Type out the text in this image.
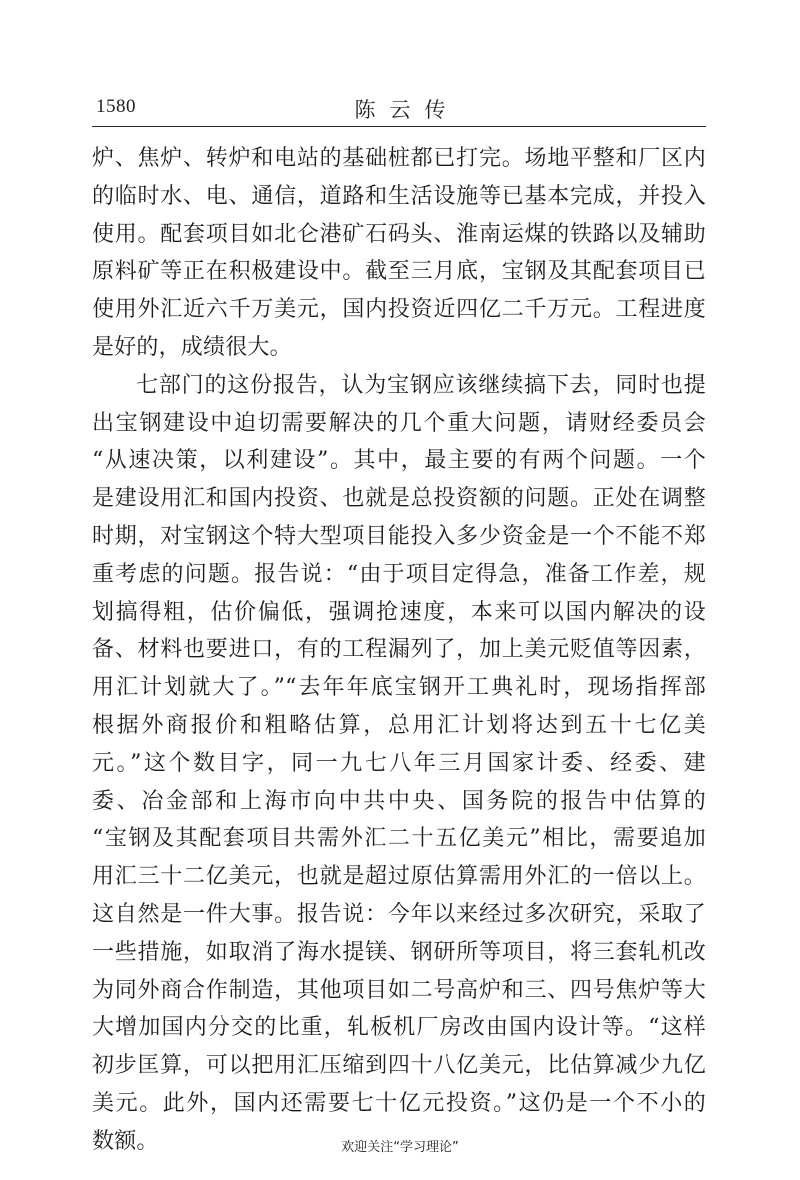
1580	陈云传
炉、焦炉、转炉和电站的基础桩都已打完。场地平整和厂区内
的临时水、电、通信，道路和生活设施等已基本完成，并投入
使用。配套项目如北仑港矿石码头、淮南运煤的铁路以及辅助
原料矿等正在积极建设中。截至三月底，宝钢及其配套项目已
使用外汇近六千万美元，国内投资近四亿二千万元。工程进度
是好的，成绩很大。
七部门的这份报告，认为宝钢应该继续搞下去，同时也提
出宝钢建设中迫切需要解决的几个重大问题，请财经委员会
“从速决策，以利建设”。其中，最主要的有两个问题。一个
是建设用汇和国内投资、也就是总投资额的问题。正处在调整
时期，对宝钢这个特大型项目能投入多少资金是一个不能不郑
重考虑的问题。报告说：“由于项目定得急，准备工作差，规
划搞得粗，估价偏低，强调抢速度，本来可以国内解决的设
备、材料也要进口，有的工程漏列了，加上美元贬值等因素，
用汇计划就大了。”“去年年底宝钢开工典礼时，现场指挥部
根据外商报价和粗略估算，总用汇计划将达到五十七亿美
元。”这个数目字，同一九七八年三月国家计委、经委、建
委、冶金部和上海市向中共中央、国务院的报告中估算的
“宝钢及其配套项目共需外汇二十五亿美元”相比，需要追加
用汇三十二亿美元，也就是超过原估算需用外汇的一倍以上。
这自然是一件大事。报告说：今年以来经过多次研究，采取了
一些措施，如取消了海水提镁、钢研所等项目，将三套轧机改
为同外商合作制造，其他项目如二号高炉和三、四号焦炉等大
大增加国内分交的比重，轧板机厂房改由国内设计等。“这样
初步匡算，可以把用汇压缩到四十八亿美元，比估算减少九亿
美元。此外，国内还需要七十亿元投资。”这仍是一个不小的
数额。	欢迎关注“学习理论”
